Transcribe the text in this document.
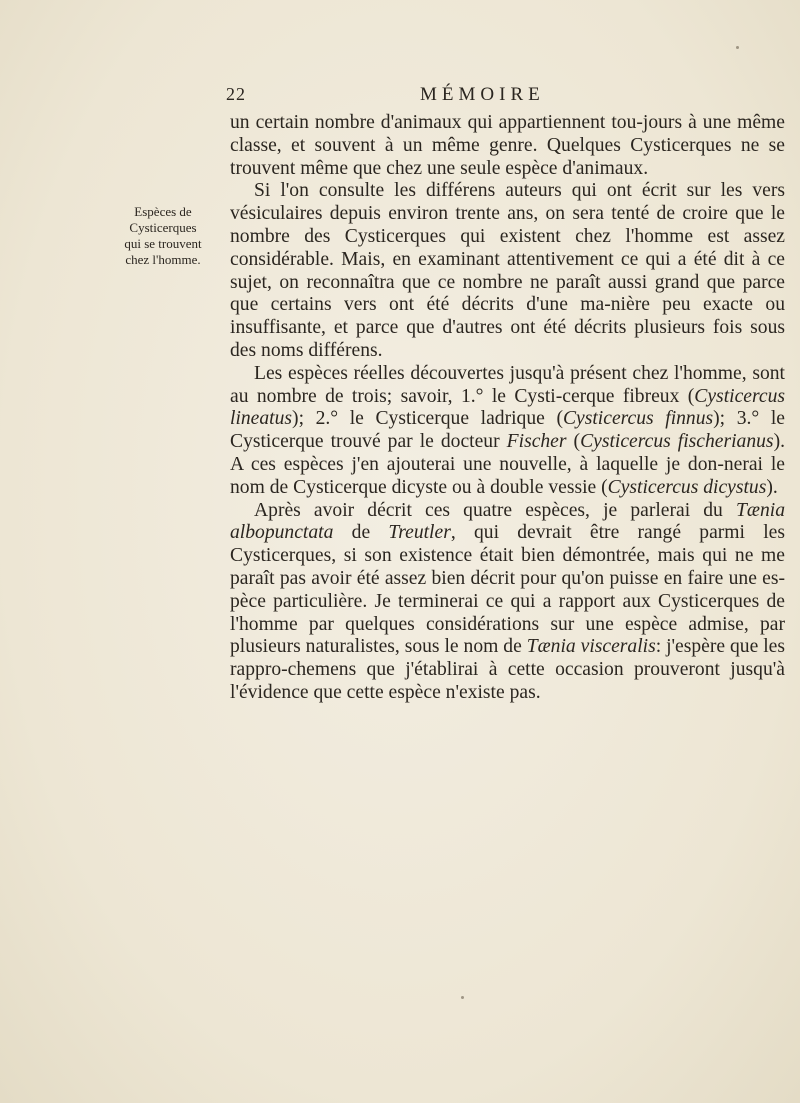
22	MÉMOIRE
Espèces de
Cysticerques
qui se trouvent
chez l'homme.

un certain nombre d'animaux qui appartiennent tou-jours à une même classe, et souvent à un même genre. Quelques Cysticerques ne se trouvent même que chez une seule espèce d'animaux.

Si l'on consulte les différens auteurs qui ont écrit sur les vers vésiculaires depuis environ trente ans, on sera tenté de croire que le nombre des Cysticerques qui existent chez l'homme est assez considérable. Mais, en examinant attentivement ce qui a été dit à ce sujet, on reconnaîtra que ce nombre ne paraît aussi grand que parce que certains vers ont été décrits d'une ma-nière peu exacte ou insuffisante, et parce que d'autres ont été décrits plusieurs fois sous des noms différens.

Les espèces réelles découvertes jusqu'à présent chez l'homme, sont au nombre de trois; savoir, 1.° le Cysti-cerque fibreux (Cysticercus lineatus); 2.° le Cysticerque ladrique (Cysticercus finnus); 3.° le Cysticerque trouvé par le docteur Fischer (Cysticercus fischerianus). A ces espèces j'en ajouterai une nouvelle, à laquelle je don-nerai le nom de Cysticerque dicyste ou à double vessie (Cysticercus dicystus).

Après avoir décrit ces quatre espèces, je parlerai du Tænia albopunctata de Treutler, qui devrait être rangé parmi les Cysticerques, si son existence était bien démontrée, mais qui ne me paraît pas avoir été assez bien décrit pour qu'on puisse en faire une es-pèce particulière. Je terminerai ce qui a rapport aux Cysticerques de l'homme par quelques considérations sur une espèce admise, par plusieurs naturalistes, sous le nom de Tænia visceralis: j'espère que les rappro-chemens que j'établirai à cette occasion prouveront jusqu'à l'évidence que cette espèce n'existe pas.
